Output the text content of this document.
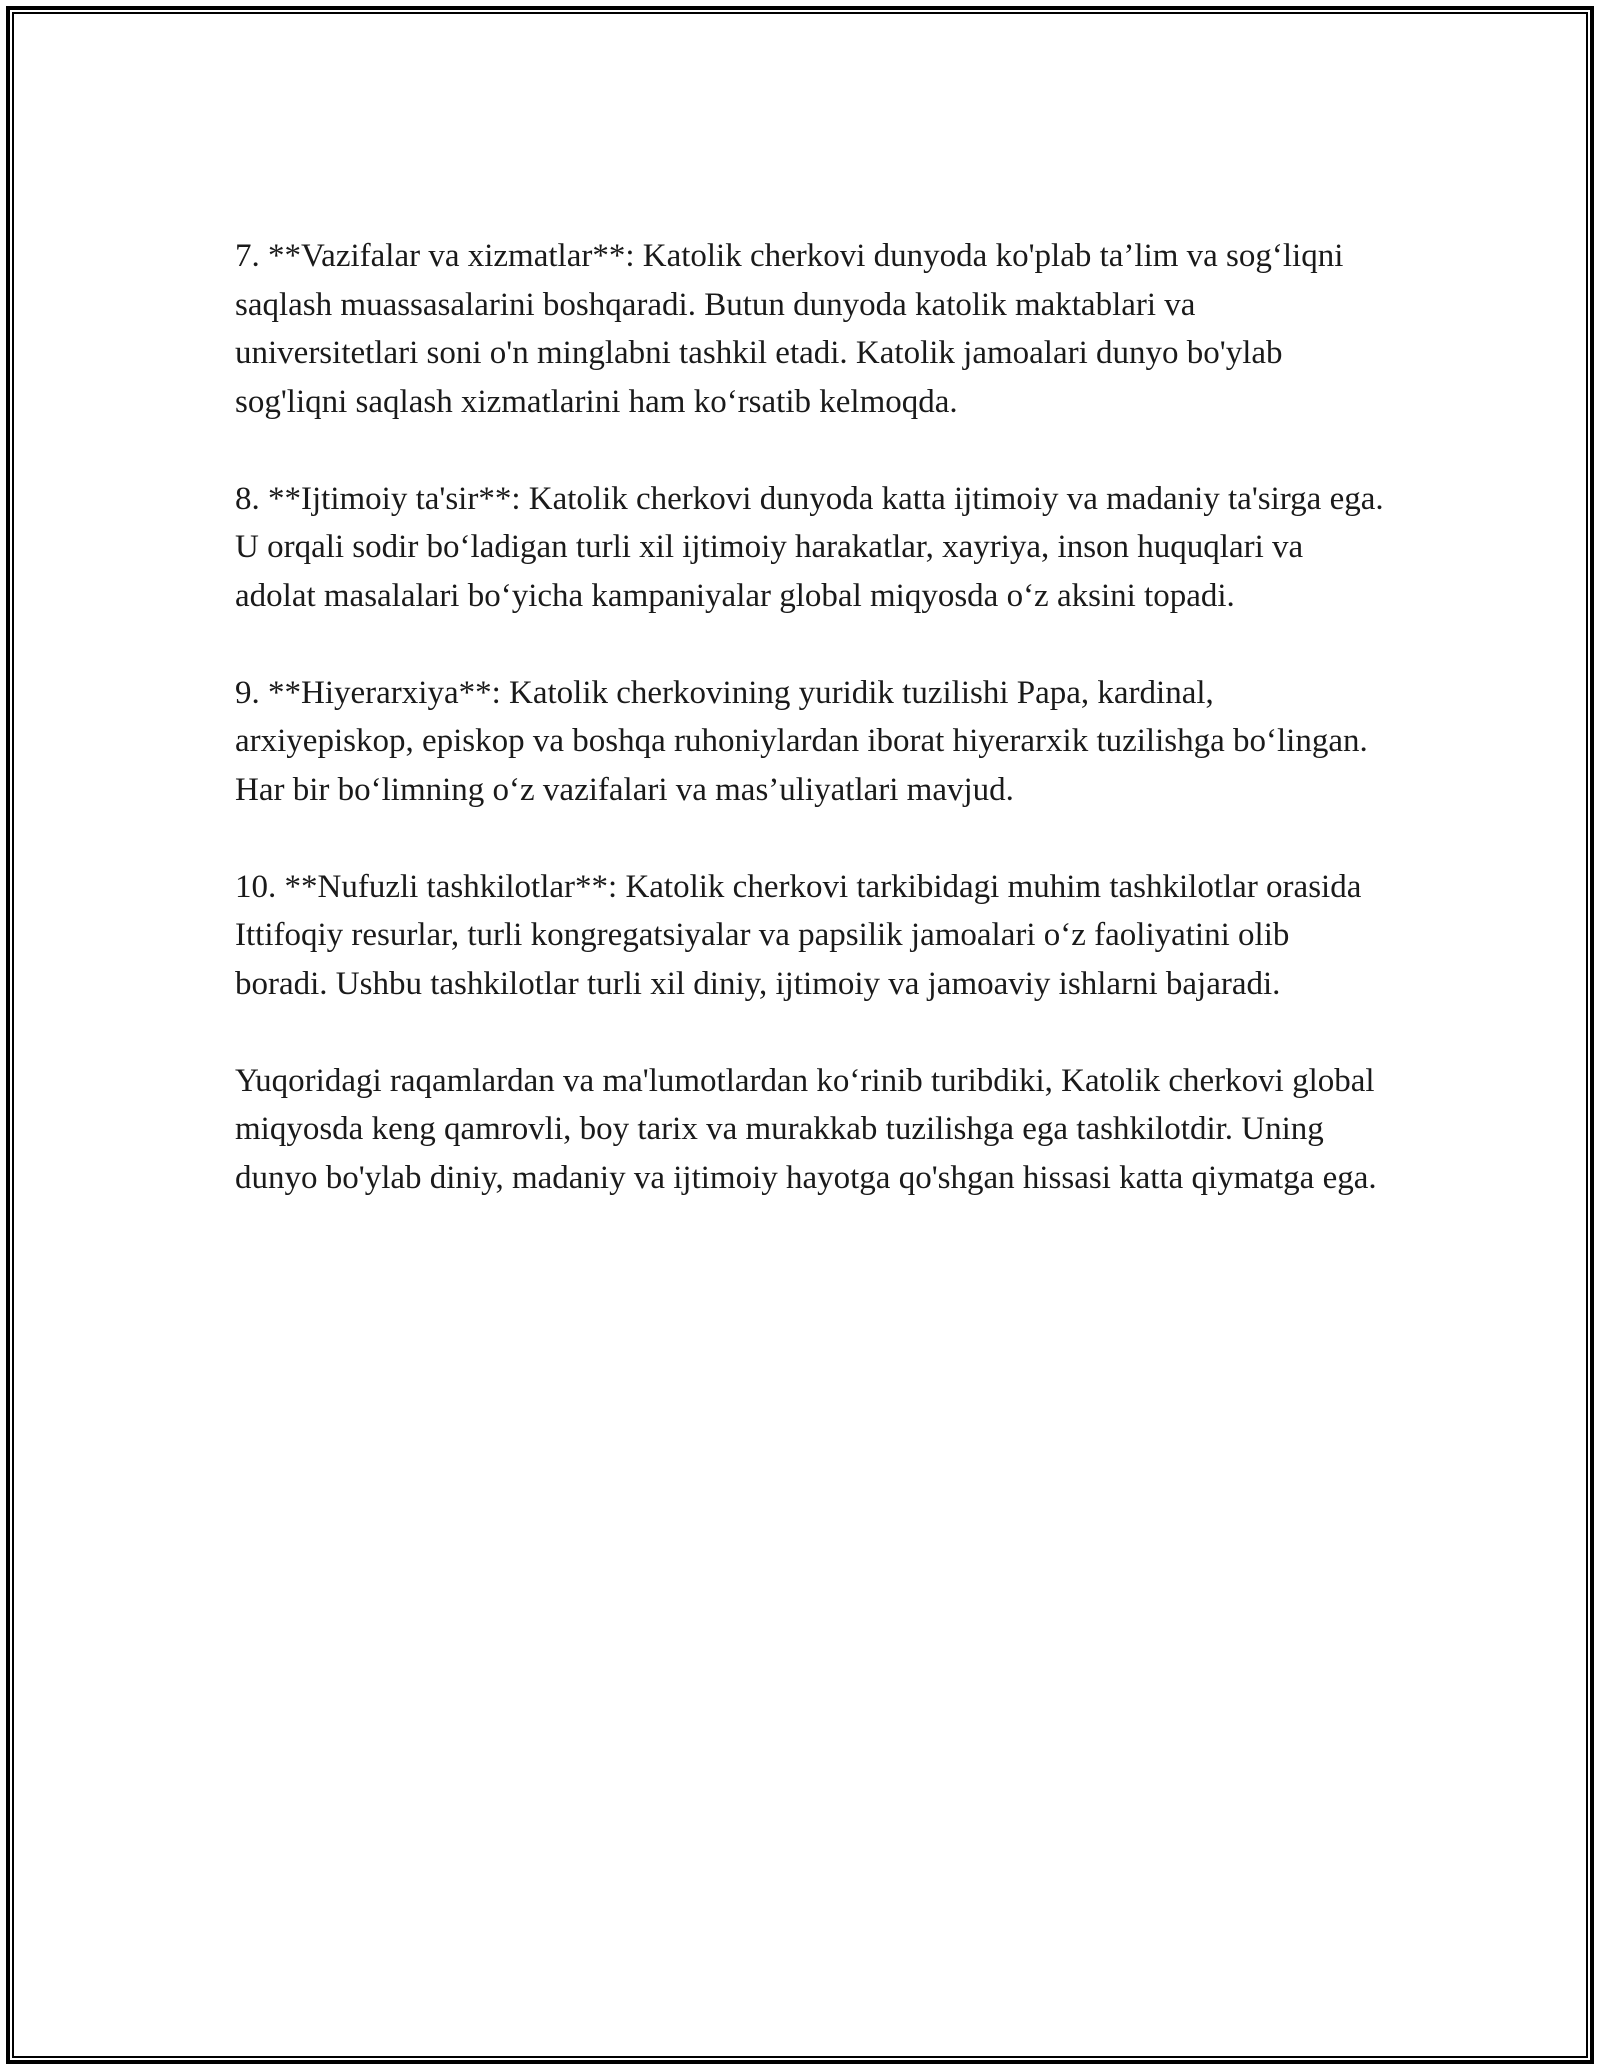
7. **Vazifalar va xizmatlar**: Katolik cherkovi dunyoda ko'plab ta’lim va sog‘liqni saqlash muassasalarini boshqaradi. Butun dunyoda katolik maktablari va universitetlari soni o'n minglabni tashkil etadi. Katolik jamoalari dunyo bo'ylab sog'liqni saqlash xizmatlarini ham ko‘rsatib kelmoqda.

8. **Ijtimoiy ta'sir**: Katolik cherkovi dunyoda katta ijtimoiy va madaniy ta'sirga ega. U orqali sodir bo‘ladigan turli xil ijtimoiy harakatlar, xayriya, inson huquqlari va adolat masalalari bo‘yicha kampaniyalar global miqyosda o‘z aksini topadi.

9. **Hiyerarxiya**: Katolik cherkovining yuridik tuzilishi Papa, kardinal, arxiyepiskop, episkop va boshqa ruhoniylardan iborat hiyerarxik tuzilishga bo‘lingan. Har bir bo‘limning o‘z vazifalari va mas’uliyatlari mavjud.

10. **Nufuzli tashkilotlar**: Katolik cherkovi tarkibidagi muhim tashkilotlar orasida Ittifoqiy resurlar, turli kongregatsiyalar va papsilik jamoalari o‘z faoliyatini olib boradi. Ushbu tashkilotlar turli xil diniy, ijtimoiy va jamoaviy ishlarni bajaradi.

Yuqoridagi raqamlardan va ma'lumotlardan ko‘rinib turibdiki, Katolik cherkovi global miqyosda keng qamrovli, boy tarix va murakkab tuzilishga ega tashkilotdir. Uning dunyo bo'ylab diniy, madaniy va ijtimoiy hayotga qo'shgan hissasi katta qiymatga ega.
